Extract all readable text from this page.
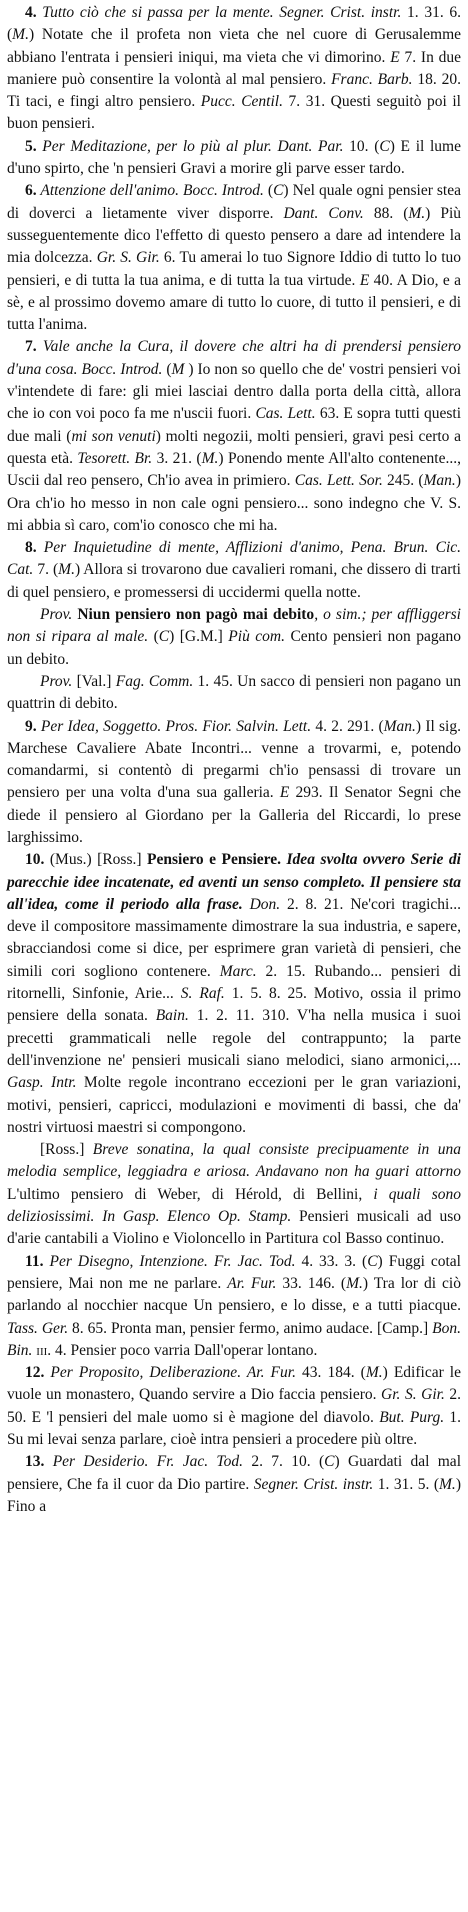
4. Tutto ciò che si passa per la mente. Segner. Crist. instr. 1. 31. 6. (M.) Notate che il profeta non vieta che nel cuore di Gerusalemme abbiano l'entrata i pensieri iniqui, ma vieta che vi dimorino. E 7. In due maniere può consentire la volontà al mal pensiero. Franc. Barb. 18. 20. Ti taci, e fingi altro pensiero. Pucc. Centil. 7. 31. Questi seguitò poi il buon pensieri.

5. Per Meditazione, per lo più al plur. Dant. Par. 10. (C) E il lume d'uno spirto, che 'n pensieri Gravi a morire gli parve esser tardo.

6. Attenzione dell'animo. Bocc. Introd. (C) Nel quale ogni pensier stea di doverci a lietamente viver disporre. Dant. Conv. 88. (M.) Più susseguentemente dico l'effetto di questo pensero a dare ad intendere la mia dolcezza. Gr. S. Gir. 6. Tu amerai lo tuo Signore Iddio di tutto lo tuo pensieri, e di tutta la tua anima, e di tutta la tua virtude. E 40. A Dio, e a sè, e al prossimo dovemo amare di tutto lo cuore, di tutto il pensieri, e di tutta l'anima.

7. Vale anche la Cura, il dovere che altri ha di prendersi pensiero d'una cosa. Bocc. Introd. (M ) Io non so quello che de' vostri pensieri voi v'intendete di fare: gli miei lasciai dentro dalla porta della città, allora che io con voi poco fa me n'uscii fuori. Cas. Lett. 63. E sopra tutti questi due mali (mi son venuti) molti negozii, molti pensieri, gravi pesi certo a questa età. Tesorett. Br. 3. 21. (M.) Ponendo mente All'alto contenente..., Uscii dal reo pensero, Ch'io avea in primiero. Cas. Lett. Sor. 245. (Man.) Ora ch'io ho messo in non cale ogni pensiero... sono indegno che V. S. mi abbia sì caro, com'io conosco che mi ha.

8. Per Inquietudine di mente, Afflizioni d'animo, Pena. Brun. Cic. Cat. 7. (M.) Allora si trovarono due cavalieri romani, che dissero di trarti di quel pensiero, e promessersi di uccidermi quella notte.

Prov. Niun pensiero non pagò mai debito, o sim.; per affliggersi non si ripara al male. (C) [G.M.] Più com. Cento pensieri non pagano un debito.

Prov. [Val.] Fag. Comm. 1. 45. Un sacco di pensieri non pagano un quattrin di debito.

9. Per Idea, Soggetto. Pros. Fior. Salvin. Lett. 4. 2. 291. (Man.) Il sig. Marchese Cavaliere Abate Incontri... venne a trovarmi, e, potendo comandarmi, si contentò di pregarmi ch'io pensassi di trovare un pensiero per una volta d'una sua galleria. E 293. Il Senator Segni che diede il pensiero al Giordano per la Galleria del Riccardi, lo prese larghissimo.

10. (Mus.) [Ross.] Pensiero e Pensiere. Idea svolta ovvero Serie di parecchie idee incatenate, ed aventi un senso completo. Il pensiere sta all'idea, come il periodo alla frase. Don. 2. 8. 21. Ne'cori tragichi... deve il compositore massimamente dimostrare la sua industria, e sapere, sbracciandosi come si dice, per esprimere gran varietà di pensieri, che simili cori sogliono contenere. Marc. 2. 15. Rubando... pensieri di ritornelli, Sinfonie, Arie... S. Raf. 1. 5. 8. 25. Motivo, ossia il primo pensiere della sonata. Bain. 1. 2. 11. 310. V'ha nella musica i suoi precetti grammaticali nelle regole del contrappunto; la parte dell'invenzione ne' pensieri musicali siano melodici, siano armonici,... Gasp. Intr. Molte regole incontrano eccezioni per le gran variazioni, motivi, pensieri, capricci, modulazioni e movimenti di bassi, che da' nostri virtuosi maestri si compongono.

[Ross.] Breve sonatina, la qual consiste precipuamente in una melodia semplice, leggiadra e ariosa. Andavano non ha guari attorno L'ultimo pensiero di Weber, di Hérold, di Bellini, i quali sono deliziosissimi. In Gasp. Elenco Op. Stamp. Pensieri musicali ad uso d'arie cantabili a Violino e Violoncello in Partitura col Basso continuo.

11. Per Disegno, Intenzione. Fr. Jac. Tod. 4. 33. 3. (C) Fuggi cotal pensiere, Mai non me ne parlare. Ar. Fur. 33. 146. (M.) Tra lor di ciò parlando al nocchier nacque Un pensiero, e lo disse, e a tutti piacque. Tass. Ger. 8. 65. Pronta man, pensier fermo, animo audace. [Camp.] Bon. Bin. iii. 4. Pensier poco varria Dall'operar lontano.

12. Per Proposito, Deliberazione. Ar. Fur. 43. 184. (M.) Edificar le vuole un monastero, Quando servire a Dio faccia pensiero. Gr. S. Gir. 2. 50. E 'l pensieri del male uomo si è magione del diavolo. But. Purg. 1. Su mi levai senza parlare, cioè intra pensieri a procedere più oltre.

13. Per Desiderio. Fr. Jac. Tod. 2. 7. 10. (C) Guardati dal mal pensiere, Che fa il cuor da Dio partire. Segner. Crist. instr. 1. 31. 5. (M.) Fino a
